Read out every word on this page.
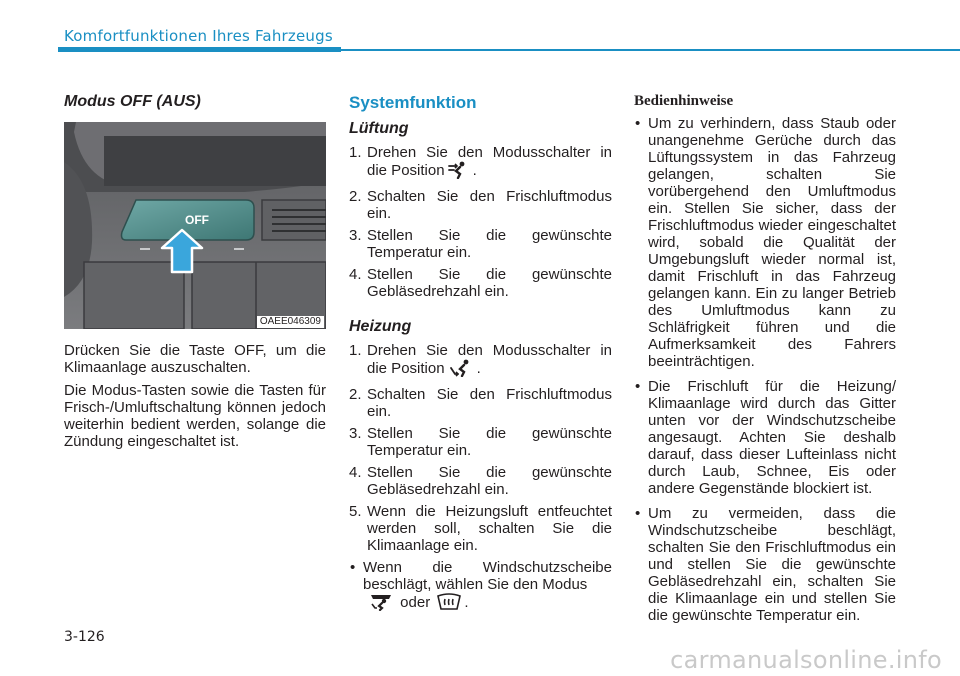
Komfortfunktionen Ihres Fahrzeugs
Modus OFF (AUS)
OFF
OAEE046309

Drücken Sie die Taste OFF, um die Klimaanlage auszuschalten.

Die Modus-Tasten sowie die Tasten für Frisch-/Umluftschaltung können jedoch weiterhin bedient werden, solange die Zündung eingeschaltet ist.

Systemfunktion
Lüftung
1. Drehen Sie den Modusschalter in die Position .
2. Schalten Sie den Frischluftmodus ein.
3. Stellen Sie die gewünschte Temperatur ein.
4. Stellen Sie die gewünschte Gebläsedrehzahl ein.
Heizung
1. Drehen Sie den Modusschalter in die Position .
2. Schalten Sie den Frischluftmodus ein.
3. Stellen Sie die gewünschte Temperatur ein.
4. Stellen Sie die gewünschte Gebläsedrehzahl ein.
5. Wenn die Heizungsluft entfeuchtet werden soll, schalten Sie die Klimaanlage ein.
• Wenn die Windschutzscheibe beschlägt, wählen Sie den Modus
oder .
Bedienhinweise
• Um zu verhindern, dass Staub oder unangenehme Gerüche durch das Lüftungssystem in das Fahrzeug gelangen, schalten Sie vorübergehend den Umluftmodus ein. Stellen Sie sicher, dass der Frischluftmodus wieder eingeschaltet wird, sobald die Qualität der Umgebungsluft wieder normal ist, damit Frischluft in das Fahrzeug gelangen kann. Ein zu langer Betrieb des Umluftmodus kann zu Schläfrigkeit führen und die Aufmerksamkeit des Fahrers beeinträchtigen.
• Die Frischluft für die Heizung/ Klimaanlage wird durch das Gitter unten vor der Windschutzscheibe angesaugt. Achten Sie deshalb darauf, dass dieser Lufteinlass nicht durch Laub, Schnee, Eis oder andere Gegenstände blockiert ist.
• Um zu vermeiden, dass die Windschutzscheibe beschlägt, schalten Sie den Frischluftmodus ein und stellen Sie die gewünschte Gebläsedrehzahl ein, schalten Sie die Klimaanlage ein und stellen Sie die gewünschte Temperatur ein.
3-126
carmanualsonline.info
